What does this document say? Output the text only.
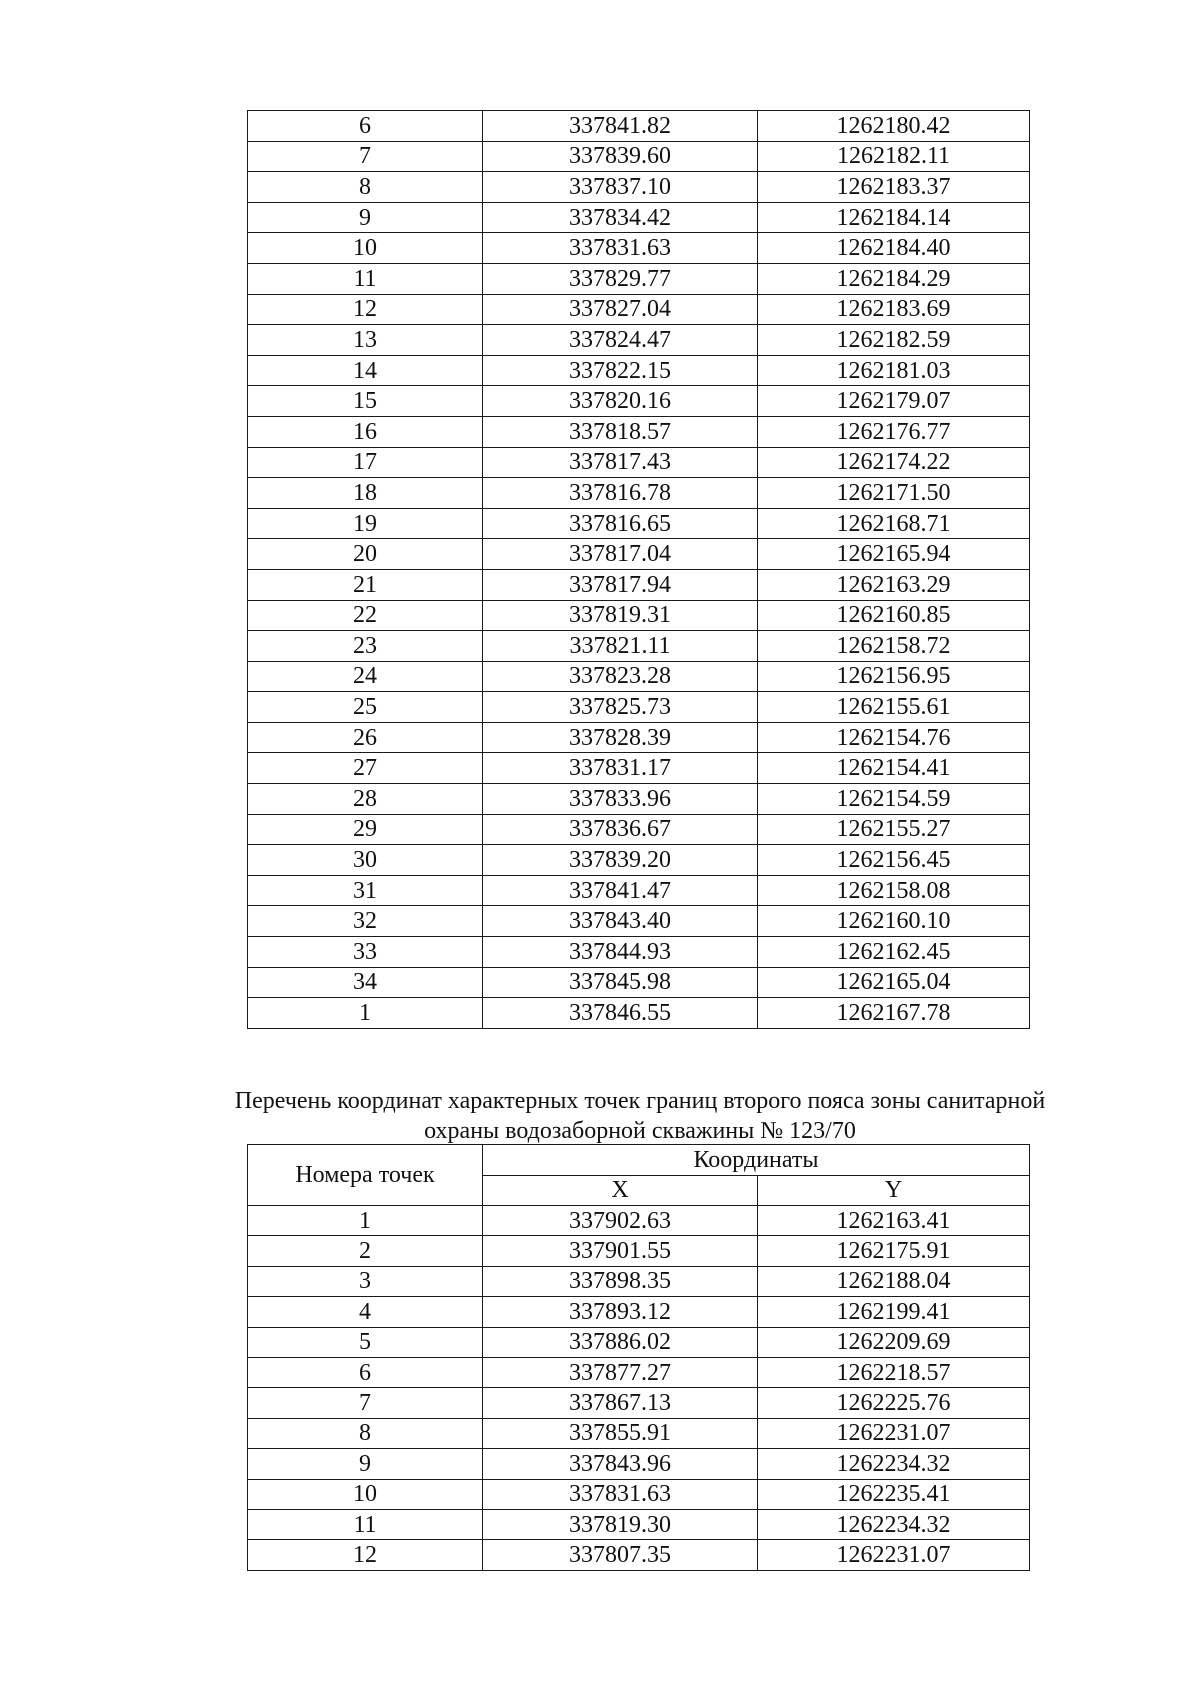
6	337841.82	1262180.42
7	337839.60	1262182.11
8	337837.10	1262183.37
9	337834.42	1262184.14
10	337831.63	1262184.40
11	337829.77	1262184.29
12	337827.04	1262183.69
13	337824.47	1262182.59
14	337822.15	1262181.03
15	337820.16	1262179.07
16	337818.57	1262176.77
17	337817.43	1262174.22
18	337816.78	1262171.50
19	337816.65	1262168.71
20	337817.04	1262165.94
21	337817.94	1262163.29
22	337819.31	1262160.85
23	337821.11	1262158.72
24	337823.28	1262156.95
25	337825.73	1262155.61
26	337828.39	1262154.76
27	337831.17	1262154.41
28	337833.96	1262154.59
29	337836.67	1262155.27
30	337839.20	1262156.45
31	337841.47	1262158.08
32	337843.40	1262160.10
33	337844.93	1262162.45
34	337845.98	1262165.04
1	337846.55	1262167.78
Перечень координат характерных точек границ второго пояса зоны санитарной
охраны водозаборной скважины № 123/70
Номера точек	Координаты	
	X	Y
1	337902.63	1262163.41
2	337901.55	1262175.91
3	337898.35	1262188.04
4	337893.12	1262199.41
5	337886.02	1262209.69
6	337877.27	1262218.57
7	337867.13	1262225.76
8	337855.91	1262231.07
9	337843.96	1262234.32
10	337831.63	1262235.41
11	337819.30	1262234.32
12	337807.35	1262231.07
